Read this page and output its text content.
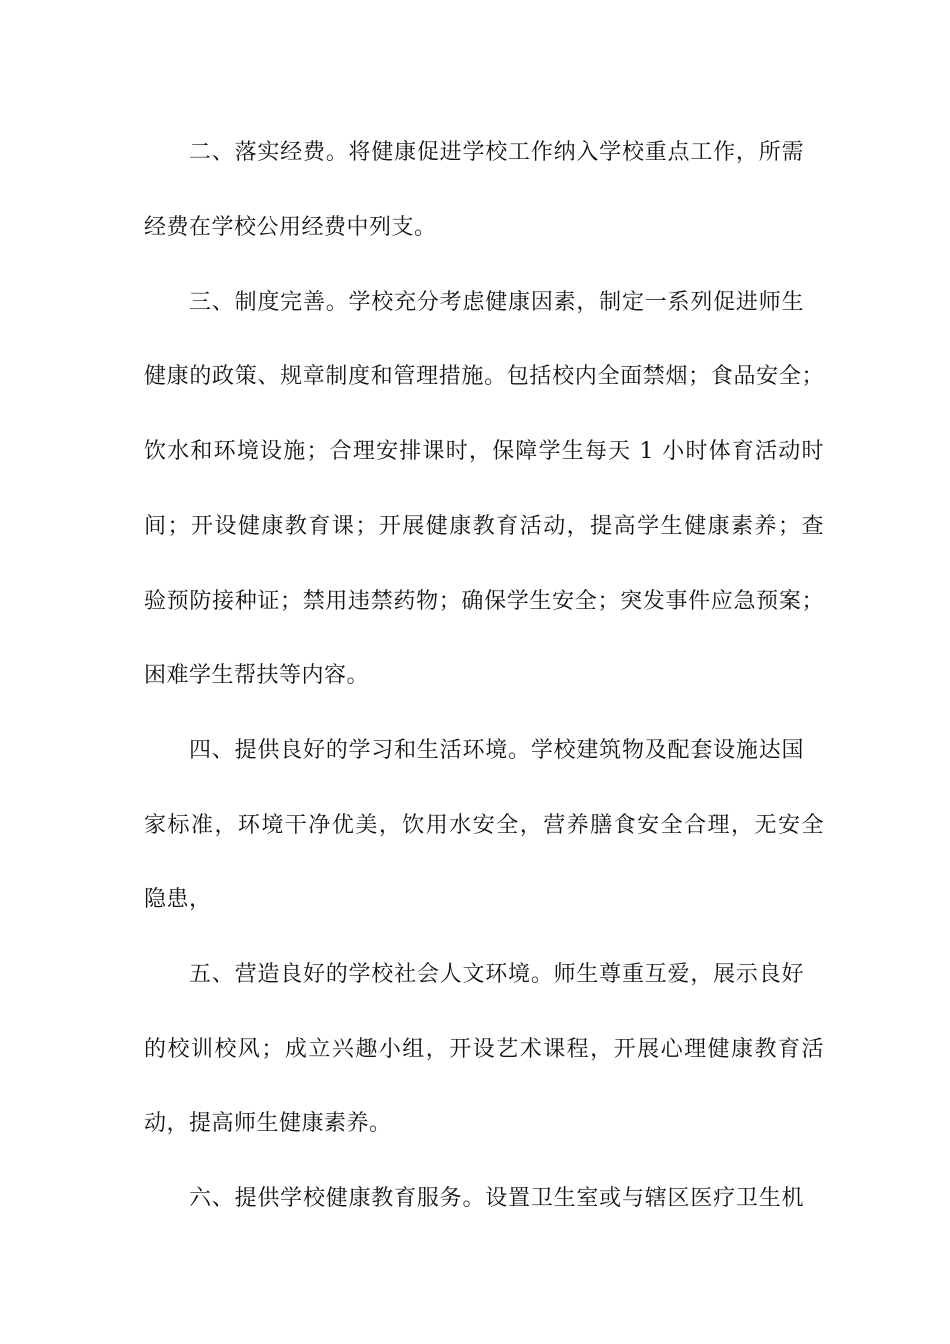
二、落实经费。将健康促进学校工作纳入学校重点工作，所需
经费在学校公用经费中列支。
三、制度完善。学校充分考虑健康因素，制定一系列促进师生
健康的政策、规章制度和管理措施。包括校内全面禁烟；食品安全；
饮水和环境设施；合理安排课时，保障学生每天 1 小时体育活动时
间；开设健康教育课；开展健康教育活动，提高学生健康素养；查
验预防接种证；禁用违禁药物；确保学生安全；突发事件应急预案；
困难学生帮扶等内容。
四、提供良好的学习和生活环境。学校建筑物及配套设施达国
家标准，环境干净优美，饮用水安全，营养膳食安全合理，无安全
隐患，
五、营造良好的学校社会人文环境。师生尊重互爱，展示良好
的校训校风；成立兴趣小组，开设艺术课程，开展心理健康教育活
动，提高师生健康素养。
六、提供学校健康教育服务。设置卫生室或与辖区医疗卫生机
